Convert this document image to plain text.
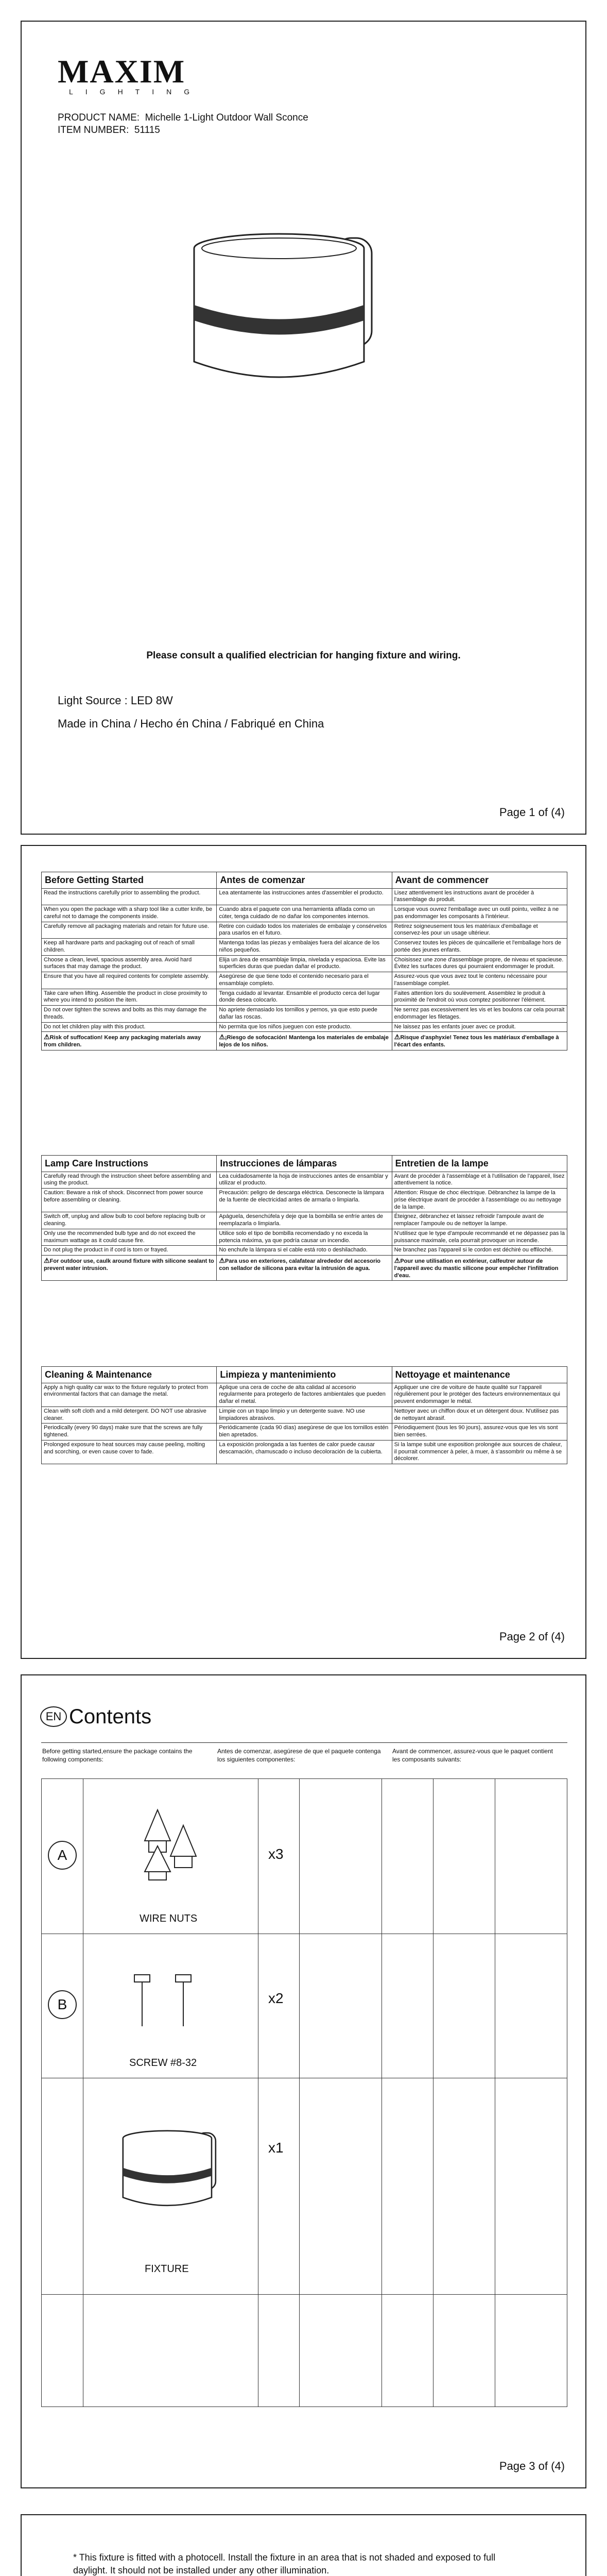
MAXIM
LIGHTING
PRODUCT NAME: Michelle 1-Light Outdoor Wall Sconce
ITEM NUMBER: 51115
Please consult a qualified electrician for hanging fixture and wiring.
Light Source : LED 8W
Made in China / Hecho én China / Fabriqué en China
Page 1 of (4)
Before Getting Started	Antes de comenzar	Avant de commencer
Read the instructions carefully prior to assembling the product.	Lea atentamente las instrucciones antes d'assembler el producto.	Lisez attentivement les instructions avant de procéder à l'assemblage du produit.
When you open the package with a sharp tool like a cutter knife, be careful not to damage the components inside.	Cuando abra el paquete con una herramienta afilada como un cúter, tenga cuidado de no dañar los componentes internos.	Lorsque vous ouvrez l'emballage avec un outil pointu, veillez à ne pas endommager les composants à l'intérieur.
Carefully remove all packaging materials and retain for future use.	Retire con cuidado todos los materiales de embalaje y consérvelos para usarlos en el futuro.	Retirez soigneusement tous les matériaux d'emballage et conservez-les pour un usage ultérieur.
Keep all hardware parts and packaging out of reach of small children.	Mantenga todas las piezas y embalajes fuera del alcance de los niños pequeños.	Conservez toutes les pièces de quincaillerie et l'emballage hors de portée des jeunes enfants.
Choose a clean, level, spacious assembly area. Avoid hard surfaces that may damage the product.	Elija un área de ensamblaje limpia, nivelada y espaciosa. Evite las superficies duras que puedan dañar el producto.	Choisissez une zone d'assemblage propre, de niveau et spacieuse. Évitez les surfaces dures qui pourraient endommager le produit.
Ensure that you have all required contents for complete assembly.	Asegúrese de que tiene todo el contenido necesario para el ensamblaje completo.	Assurez-vous que vous avez tout le contenu nécessaire pour l'assemblage complet.
Take care when lifting. Assemble the product in close proximity to where you intend to position the item.	Tenga cuidado al levantar. Ensamble el producto cerca del lugar donde desea colocarlo.	Faites attention lors du soulèvement. Assemblez le produit à proximité de l'endroit où vous comptez positionner l'élément.
Do not over tighten the screws and bolts as this may damage the threads.	No apriete demasiado los tornillos y pernos, ya que esto puede dañar las roscas.	Ne serrez pas excessivement les vis et les boulons car cela pourrait endommager les filetages.
Do not let children play with this product.	No permita que los niños jueguen con este producto.	Ne laissez pas les enfants jouer avec ce produit.
⚠ Risk of suffocation! Keep any packaging materials away from children.	⚠ ¡Riesgo de sofocación! Mantenga los materiales de embalaje lejos de los niños.	⚠ Risque d'asphyxie! Tenez tous les matériaux d'emballage à l'écart des enfants.
Lamp Care Instructions	Instrucciones de lámparas	Entretien de la lampe
Carefully read through the instruction sheet before assembling and using the product.	Lea cuidadosamente la hoja de instrucciones antes de ensamblar y utilizar el producto.	Avant de procéder à l'assemblage et à l'utilisation de l'appareil, lisez attentivement la notice.
Caution: Beware a risk of shock. Disconnect from power source before assembling or cleaning.	Precaución: peligro de descarga eléctrica. Desconecte la lámpara de la fuente de electricidad antes de armarla o limpiarla.	Attention: Risque de choc électrique. Débranchez la lampe de la prise électrique avant de procéder à l'assemblage ou au nettoyage de la lampe.
Switch off, unplug and allow bulb to cool before replacing bulb or cleaning.	Apáguela, desenchúfela y deje que la bombilla se enfríe antes de reemplazarla o limpiarla.	Éteignez, débranchez et laissez refroidir l'ampoule avant de remplacer l'ampoule ou de nettoyer la lampe.
Only use the recommended bulb type and do not exceed the maximum wattage as it could cause fire.	Utilice solo el tipo de bombilla recomendado y no exceda la potencia máxima, ya que podría causar un incendio.	N'utilisez que le type d'ampoule recommandé et ne dépassez pas la puissance maximale, cela pourrait provoquer un incendie.
Do not plug the product in if cord is torn or frayed.	No enchufe la lámpara si el cable está roto o deshilachado.	Ne branchez pas l'appareil si le cordon est déchiré ou effiloché.
⚠ For outdoor use, caulk around fixture with silicone sealant to prevent water intrusion.	⚠ Para uso en exteriores, calafatear alrededor del accesorio con sellador de silicona para evitar la intrusión de agua.	⚠ Pour une utilisation en extérieur, calfeutrer autour de l'appareil avec du mastic silicone pour empêcher l'infiltration d'eau.
Cleaning & Maintenance	Limpieza y mantenimiento	Nettoyage et maintenance
Apply a high quality car wax to the fixture regularly to protect from environmental factors that can damage the metal.	Aplique una cera de coche de alta calidad al accesorio regularmente para protegerlo de factores ambientales que pueden dañar el metal.	Appliquer une cire de voiture de haute qualité sur l'appareil régulièrement pour le protéger des facteurs environnementaux qui peuvent endommager le métal.
Clean with soft cloth and a mild detergent. DO NOT use abrasive cleaner.	Limpie con un trapo limpio y un detergente suave. NO use limpiadores abrasivos.	Nettoyer avec un chiffon doux et un détergent doux. N'utilisez pas de nettoyant abrasif.
Periodically (every 90 days) make sure that the screws are fully tightened.	Periódicamente (cada 90 días) asegúrese de que los tornillos estén bien apretados.	Périodiquement (tous les 90 jours), assurez-vous que les vis sont bien serrées.
Prolonged exposure to heat sources may cause peeling, molting and scorching, or even cause cover to fade.	La exposición prolongada a las fuentes de calor puede causar descamación, chamuscado o incluso decoloración de la cubierta.	Si la lampe subit une exposition prolongée aux sources de chaleur, il pourrait commencer à peler, à muer, à s'assombrir ou même à se décolorer.
Page 2 of (4)
EN Contents
Before getting started,ensure the package contains the following components:
Antes de comenzar, asegúrese de que el paquete contenga los siguientes componentes:
Avant de commencer, assurez-vous que le paquet contient les composants suivants:
A	x3
WIRE NUTS
B	x2
SCREW #8-32
x1
FIXTURE
Page 3 of (4)
* This fixture is fitted with a photocell. Install the fixture in an area that is not shaded and exposed to full daylight. It should not be installed under any other illumination.
